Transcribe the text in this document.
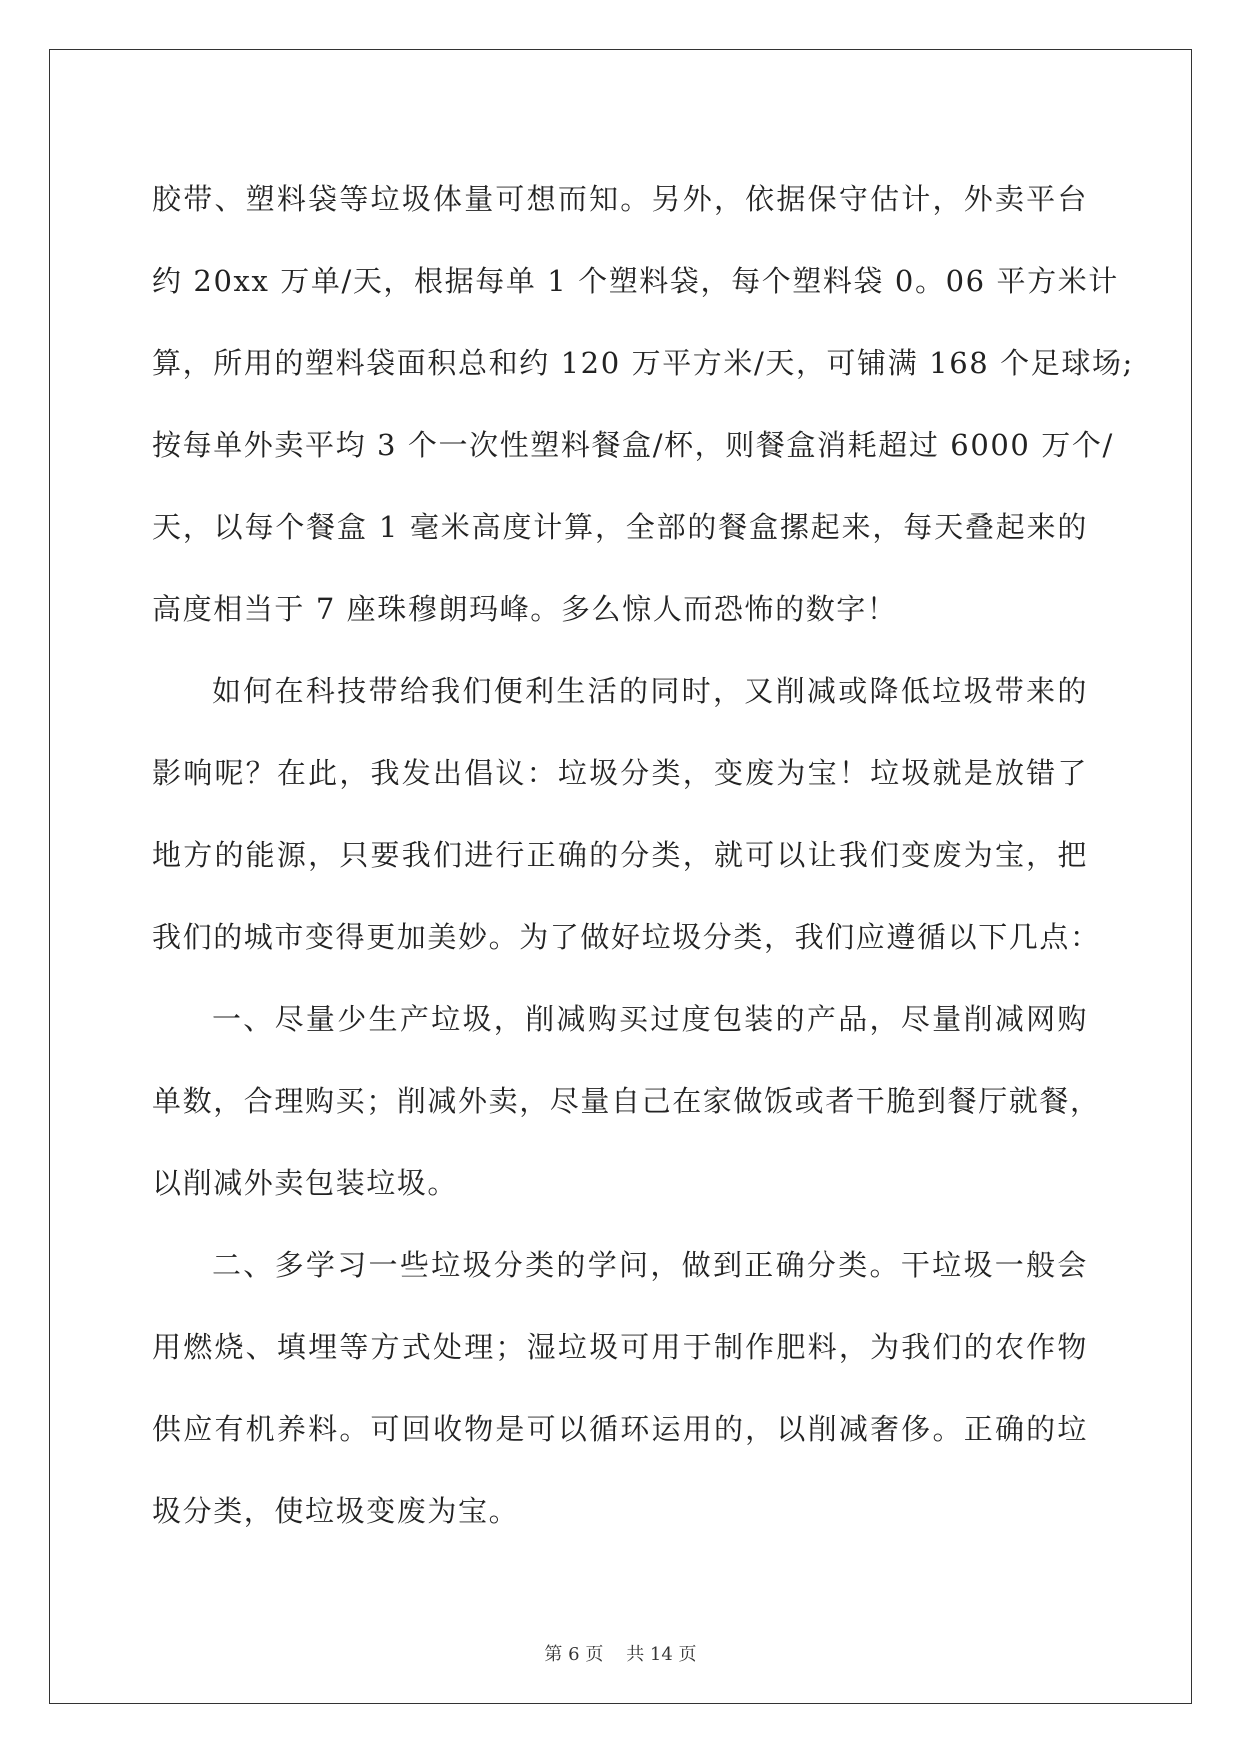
胶带、塑料袋等垃圾体量可想而知。另外，依据保守估计，外卖平台
约 20xx 万单/天，根据每单 1 个塑料袋，每个塑料袋 0。06 平方米计
算，所用的塑料袋面积总和约 120 万平方米/天，可铺满 168 个足球场;
按每单外卖平均 3 个一次性塑料餐盒/杯，则餐盒消耗超过 6000 万个/
天，以每个餐盒 1 毫米高度计算，全部的餐盒摞起来，每天叠起来的
高度相当于 7 座珠穆朗玛峰。多么惊人而恐怖的数字！
如何在科技带给我们便利生活的同时，又削减或降低垃圾带来的
影响呢？在此，我发出倡议：垃圾分类，变废为宝！垃圾就是放错了
地方的能源，只要我们进行正确的分类，就可以让我们变废为宝，把
我们的城市变得更加美妙。为了做好垃圾分类，我们应遵循以下几点：
一、尽量少生产垃圾，削减购买过度包装的产品，尽量削减网购
单数，合理购买；削减外卖，尽量自己在家做饭或者干脆到餐厅就餐，
以削减外卖包装垃圾。
二、多学习一些垃圾分类的学问，做到正确分类。干垃圾一般会
用燃烧、填埋等方式处理；湿垃圾可用于制作肥料，为我们的农作物
供应有机养料。可回收物是可以循环运用的，以削减奢侈。正确的垃
圾分类，使垃圾变废为宝。
第 6 页    共 14 页
